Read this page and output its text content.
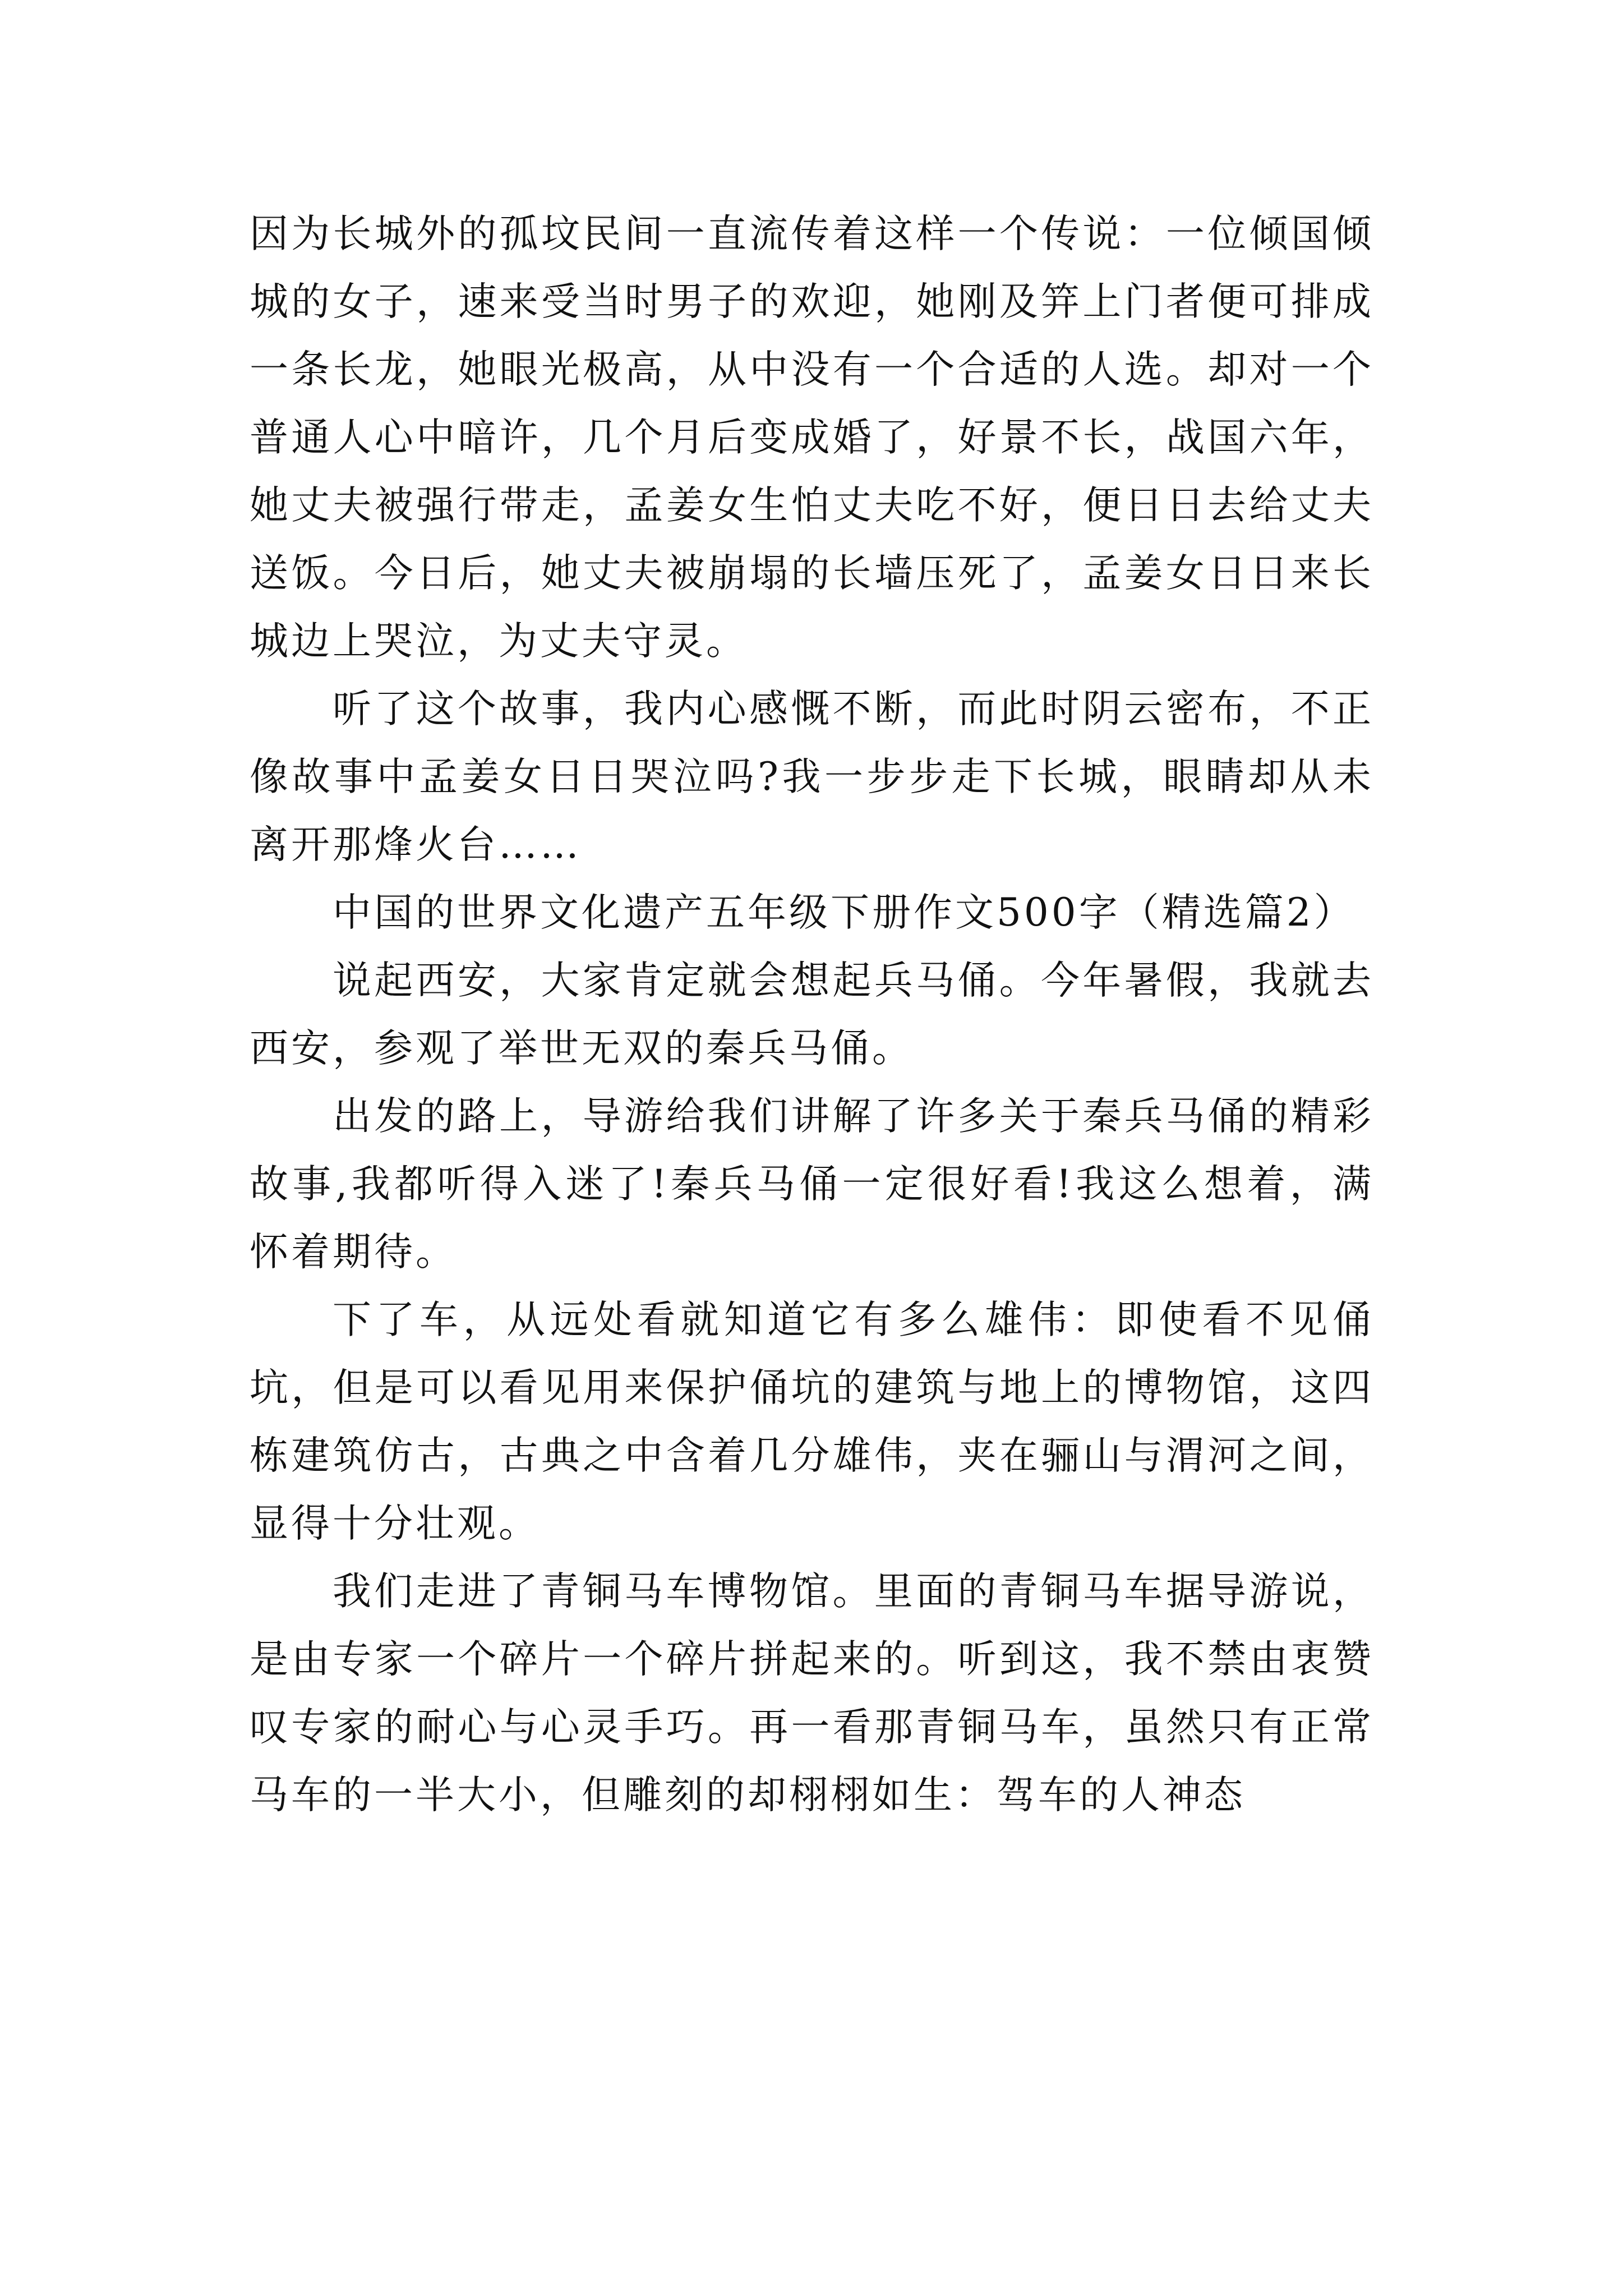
因为长城外的孤坟民间一直流传着这样一个传说：一位倾国倾城的女子，速来受当时男子的欢迎，她刚及笄上门者便可排成一条长龙，她眼光极高，从中没有一个合适的人选。却对一个普通人心中暗许，几个月后变成婚了，好景不长，战国六年，她丈夫被强行带走，孟姜女生怕丈夫吃不好，便日日去给丈夫送饭。今日后，她丈夫被崩塌的长墙压死了，孟姜女日日来长城边上哭泣，为丈夫守灵。

听了这个故事，我内心感慨不断，而此时阴云密布，不正像故事中孟姜女日日哭泣吗?我一步步走下长城，眼睛却从未离开那烽火台……

中国的世界文化遗产五年级下册作文500字（精选篇2）

说起西安，大家肯定就会想起兵马俑。今年暑假，我就去西安，参观了举世无双的秦兵马俑。

出发的路上，导游给我们讲解了许多关于秦兵马俑的精彩故事,我都听得入迷了!秦兵马俑一定很好看!我这么想着，满怀着期待。

下了车，从远处看就知道它有多么雄伟：即使看不见俑坑，但是可以看见用来保护俑坑的建筑与地上的博物馆，这四栋建筑仿古，古典之中含着几分雄伟，夹在骊山与渭河之间，显得十分壮观。

我们走进了青铜马车博物馆。里面的青铜马车据导游说，是由专家一个碎片一个碎片拼起来的。听到这，我不禁由衷赞叹专家的耐心与心灵手巧。再一看那青铜马车，虽然只有正常马车的一半大小，但雕刻的却栩栩如生：驾车的人神态
